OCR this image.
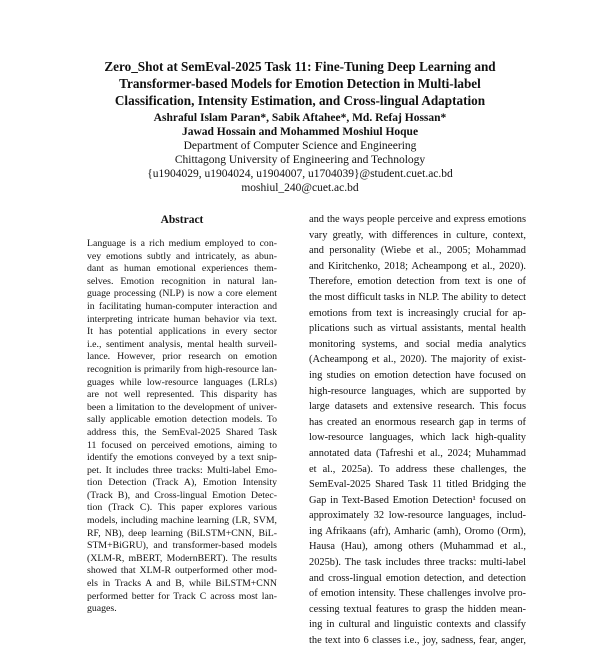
Zero_Shot at SemEval-2025 Task 11: Fine-Tuning Deep Learning and
Transformer-based Models for Emotion Detection in Multi-label
Classification, Intensity Estimation, and Cross-lingual Adaptation
Ashraful Islam Paran*, Sabik Aftahee*, Md. Refaj Hossan*
Jawad Hossain and Mohammed Moshiul Hoque
Department of Computer Science and Engineering
Chittagong University of Engineering and Technology
{u1904029, u1904024, u1904007, u1704039}@student.cuet.ac.bd
moshiul_240@cuet.ac.bd
Abstract
Language is a rich medium employed to con-
vey emotions subtly and intricately, as abun-
dant as human emotional experiences them-
selves. Emotion recognition in natural lan-
guage processing (NLP) is now a core element
in facilitating human-computer interaction and
interpreting intricate human behavior via text.
It has potential applications in every sector
i.e., sentiment analysis, mental health surveil-
lance. However, prior research on emotion
recognition is primarily from high-resource lan-
guages while low-resource languages (LRLs)
are not well represented. This disparity has
been a limitation to the development of univer-
sally applicable emotion detection models. To
address this, the SemEval-2025 Shared Task
11 focused on perceived emotions, aiming to
identify the emotions conveyed by a text snip-
pet. It includes three tracks: Multi-label Emo-
tion Detection (Track A), Emotion Intensity
(Track B), and Cross-lingual Emotion Detec-
tion (Track C). This paper explores various
models, including machine learning (LR, SVM,
RF, NB), deep learning (BiLSTM+CNN, BiL-
STM+BiGRU), and transformer-based models
(XLM-R, mBERT, ModernBERT). The results
showed that XLM-R outperformed other mod-
els in Tracks A and B, while BiLSTM+CNN
performed better for Track C across most lan-
guages.
and the ways people perceive and express emotions
vary greatly, with differences in culture, context,
and personality (Wiebe et al., 2005; Mohammad
and Kiritchenko, 2018; Acheampong et al., 2020).
Therefore, emotion detection from text is one of
the most difficult tasks in NLP. The ability to detect
emotions from text is increasingly crucial for ap-
plications such as virtual assistants, mental health
monitoring systems, and social media analytics
(Acheampong et al., 2020). The majority of exist-
ing studies on emotion detection have focused on
high-resource languages, which are supported by
large datasets and extensive research. This focus
has created an enormous research gap in terms of
low-resource languages, which lack high-quality
annotated data (Tafreshi et al., 2024; Muhammad
et al., 2025a). To address these challenges, the
SemEval-2025 Shared Task 11 titled Bridging the
Gap in Text-Based Emotion Detection¹ focused on
approximately 32 low-resource languages, includ-
ing Afrikaans (afr), Amharic (amh), Oromo (Orm),
Hausa (Hau), among others (Muhammad et al.,
2025b). The task includes three tracks: multi-label
and cross-lingual emotion detection, and detection
of emotion intensity. These challenges involve pro-
cessing textual features to grasp the hidden mean-
ing in cultural and linguistic contexts and classify
the text into 6 classes i.e., joy, sadness, fear, anger,
